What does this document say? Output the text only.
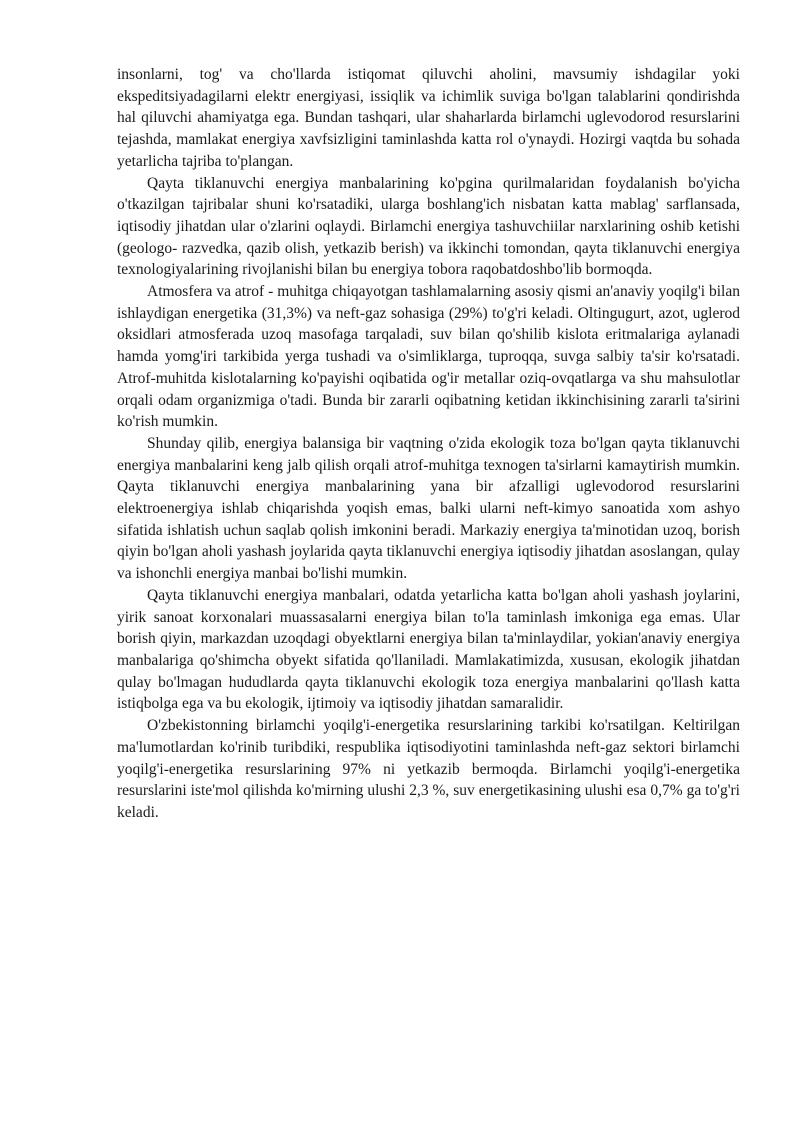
insonlarni, tog' va cho'llarda istiqomat qiluvchi aholini, mavsumiy ishdagilar yoki ekspeditsiyadagilarni elektr energiyasi, issiqlik va ichimlik suviga bo'lgan talablarini qondirishda hal qiluvchi ahamiyatga ega. Bundan tashqari, ular shaharlarda birlamchi uglevodorod resurslarini tejashda, mamlakat energiya xavfsizligini taminlashda katta rol o'ynaydi. Hozirgi vaqtda bu sohada yetarlicha tajriba to'plangan.

Qayta tiklanuvchi energiya manbalarining ko'pgina qurilmalaridan foydalanish bo'yicha o'tkazilgan tajribalar shuni ko'rsatadiki, ularga boshlang'ich nisbatan katta mablag' sarflansada, iqtisodiy jihatdan ular o'zlarini oqlaydi. Birlamchi energiya tashuvchiilar narxlarining oshib ketishi (geologo- razvedka, qazib olish, yetkazib berish) va ikkinchi tomondan, qayta tiklanuvchi energiya texnologiyalarining rivojlanishi bilan bu energiya tobora raqobatdoshbo'lib bormoqda.

Atmosfera va atrof - muhitga chiqayotgan tashlamalarning asosiy qismi an'anaviy yoqilg'i bilan ishlaydigan energetika (31,3%) va neft-gaz sohasiga (29%) to'g'ri keladi. Oltingugurt, azot, uglerod oksidlari atmosferada uzoq masofaga tarqaladi, suv bilan qo'shilib kislota eritmalariga aylanadi hamda yomg'iri tarkibida yerga tushadi va o'simliklarga, tuproqqa, suvga salbiy ta'sir ko'rsatadi. Atrof-muhitda kislotalarning ko'payishi oqibatida og'ir metallar oziq-ovqatlarga va shu mahsulotlar orqali odam organizmiga o'tadi. Bunda bir zararli oqibatning ketidan ikkinchisining zararli ta'sirini ko'rish mumkin.

Shunday qilib, energiya balansiga bir vaqtning o'zida ekologik toza bo'lgan qayta tiklanuvchi energiya manbalarini keng jalb qilish orqali atrof-muhitga texnogen ta'sirlarni kamaytirish mumkin. Qayta tiklanuvchi energiya manbalarining yana bir afzalligi uglevodorod resurslarini elektroenergiya ishlab chiqarishda yoqish emas, balki ularni neft-kimyo sanoatida xom ashyo sifatida ishlatish uchun saqlab qolish imkonini beradi. Markaziy energiya ta'minotidan uzoq, borish qiyin bo'lgan aholi yashash joylarida qayta tiklanuvchi energiya iqtisodiy jihatdan asoslangan, qulay va ishonchli energiya manbai bo'lishi mumkin.

Qayta tiklanuvchi energiya manbalari, odatda yetarlicha katta bo'lgan aholi yashash joylarini, yirik sanoat korxonalari muassasalarni energiya bilan to'la taminlash imkoniga ega emas. Ular borish qiyin, markazdan uzoqdagi obyektlarni energiya bilan ta'minlaydilar, yokian'anaviy energiya manbalariga qo'shimcha obyekt sifatida qo'llaniladi. Mamlakatimizda, xususan, ekologik jihatdan qulay bo'lmagan hududlarda qayta tiklanuvchi ekologik toza energiya manbalarini qo'llash katta istiqbolga ega va bu ekologik, ijtimoiy va iqtisodiy jihatdan samaralidir.

O'zbekistonning birlamchi yoqilg'i-energetika resurslarining tarkibi ko'rsatilgan. Keltirilgan ma'lumotlardan ko'rinib turibdiki, respublika iqtisodiyotini taminlashda neft-gaz sektori birlamchi yoqilg'i-energetika resurslarining 97% ni yetkazib bermoqda. Birlamchi yoqilg'i-energetika resurslarini iste'mol qilishda ko'mirning ulushi 2,3 %, suv energetikasining ulushi esa 0,7% ga to'g'ri keladi.
